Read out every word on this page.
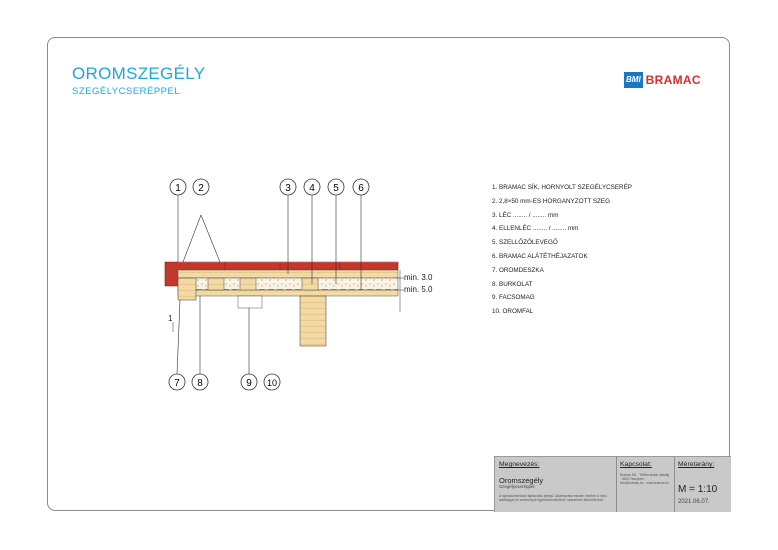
OROMSZEGÉLY
SZEGÉLYCSERÉPPEL
BMI BRAMAC
min. 3.0
min. 5.0
1
1 2	3 4 5 6
7 8	9 10
1. BRAMAC SÍK, HORNYOLT SZEGÉLYCSERÉP
2. 2,8×50 mm-ES HORGANYZOTT SZEG
3. LÉC ........ / ........ mm
4. ELLENLÉC ........ / ........ mm
5. SZELLŐZŐLEVEGŐ
6. BRAMAC ALÁTÉTHÉJAZATOK
7. OROMDESZKA
8. BURKOLAT
9. FACSOMAG
10. OROMFAL
Megnevezés:
Oromszegély
Szegélycseréppel
A rajzdokumentáció tájékoztató jellegű. Alkalmazása minden esetben a helyi adottságok és szabványok figyelembevételével, szakember által történhet.
Kapcsolat:
Bramac Kft. · Tetőtechnikai üzletág · 8200 Veszprém · info@bramac.hu · www.bramac.hu
Méretarány:
M = 1:10
2021.06.07.
